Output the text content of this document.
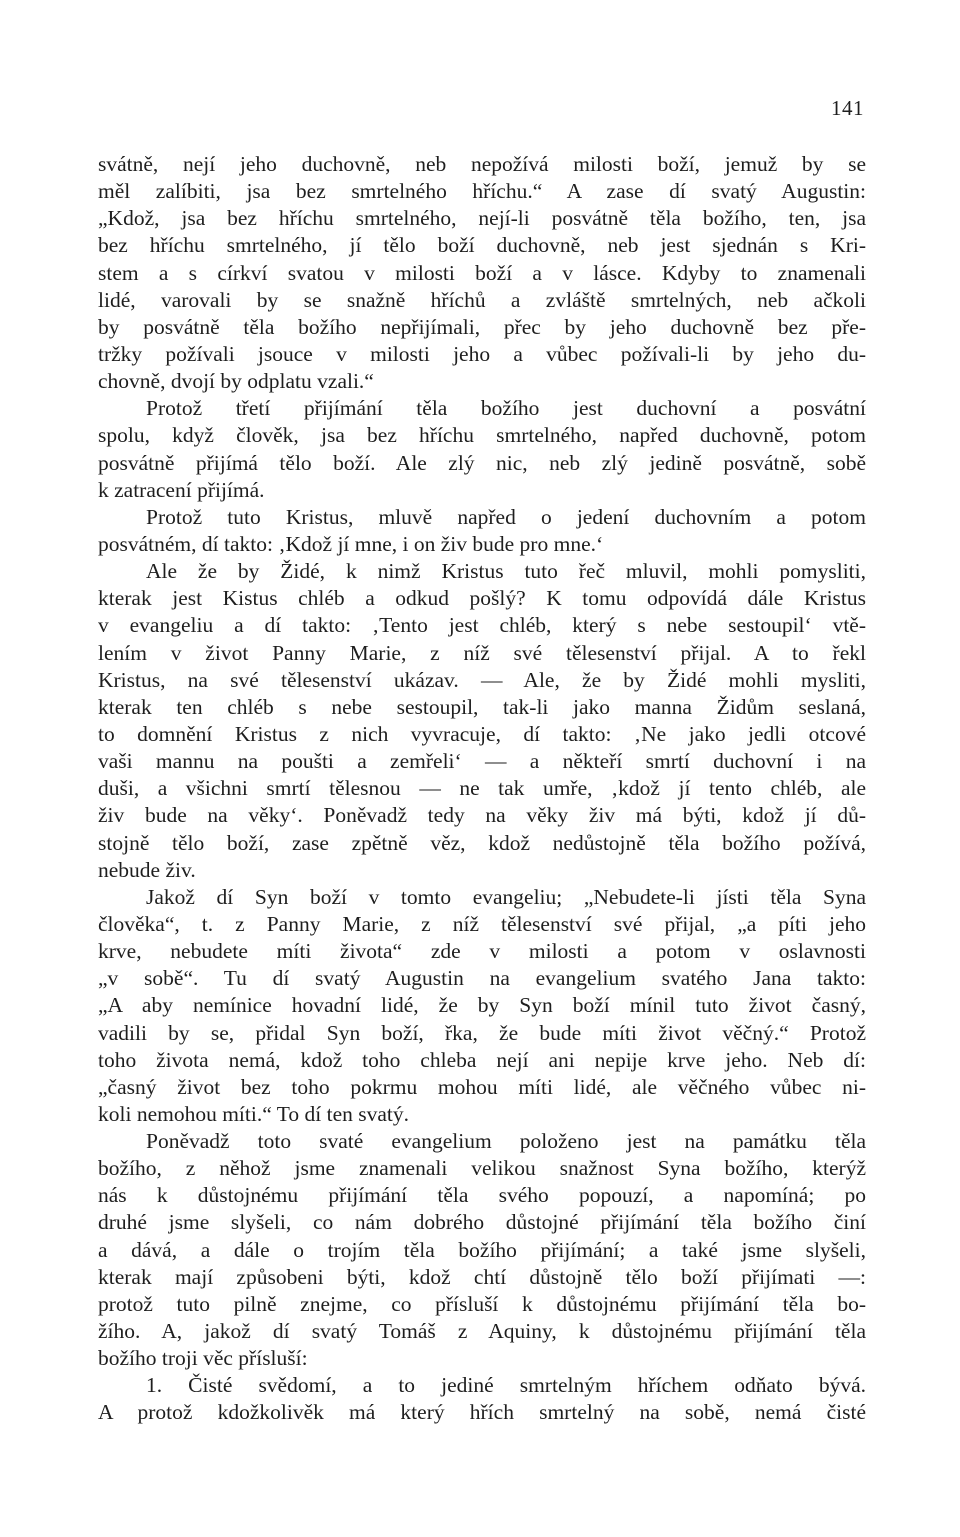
141
svátně, nejí jeho duchovně, neb nepožívá milosti boží, jemuž by se
měl zalíbiti, jsa bez smrtelného hříchu.“ A zase dí svatý Augustin:
„Kdož, jsa bez hříchu smrtelného, nejí-li posvátně těla božího, ten, jsa
bez hříchu smrtelného, jí tělo boží duchovně, neb jest sjednán s Kri-
stem a s církví svatou v milosti boží a v lásce. Kdyby to znamenali
lidé, varovali by se snažně hříchů a zvláště smrtelných, neb ačkoli
by posvátně těla božího nepřijímali, přec by jeho duchovně bez pře-
tržky požívali jsouce v milosti jeho a vůbec požívali-li by jeho du-
chovně, dvojí by odplatu vzali.“
Protož třetí přijímání těla božího jest duchovní a posvátní
spolu, když člověk, jsa bez hříchu smrtelného, napřed duchovně, potom
posvátně přijímá tělo boží. Ale zlý nic, neb zlý jedině posvátně, sobě
k zatracení přijímá.
Protož tuto Kristus, mluvě napřed o jedení duchovním a potom
posvátném, dí takto: ‚Kdož jí mne, i on živ bude pro mne.‘
Ale že by Židé, k nimž Kristus tuto řeč mluvil, mohli pomysliti,
kterak jest Kistus chléb a odkud pošlý? K tomu odpovídá dále Kristus
v evangeliu a dí takto: ‚Tento jest chléb, který s nebe sestoupil‘ vtě-
lením v život Panny Marie, z níž své tělesenství přijal. A to řekl
Kristus, na své tělesenství ukázav. — Ale, že by Židé mohli mysliti,
kterak ten chléb s nebe sestoupil, tak-li jako manna Židům seslaná,
to domnění Kristus z nich vyvracuje, dí takto: ‚Ne jako jedli otcové
vaši mannu na poušti a zemřeli‘ — a někteří smrtí duchovní i na
duši, a všichni smrtí tělesnou — ne tak umře, ‚kdož jí tento chléb, ale
živ bude na věky‘. Poněvadž tedy na věky živ má býti, kdož jí dů-
stojně tělo boží, zase zpětně věz, kdož nedůstojně těla božího požívá,
nebude živ.
Jakož dí Syn boží v tomto evangeliu; „Nebudete-li jísti těla Syna
člověka“, t. z Panny Marie, z níž tělesenství své přijal, „a píti jeho
krve, nebudete míti života“ zde v milosti a potom v oslavnosti
„v sobě“. Tu dí svatý Augustin na evangelium svatého Jana takto:
„A aby nemínice hovadní lidé, že by Syn boží mínil tuto život časný,
vadili by se, přidal Syn boží, řka, že bude míti život věčný.“ Protož
toho života nemá, kdož toho chleba nejí ani nepije krve jeho. Neb dí:
„časný život bez toho pokrmu mohou míti lidé, ale věčného vůbec ni-
koli nemohou míti.“ To dí ten svatý.
Poněvadž toto svaté evangelium položeno jest na památku těla
božího, z něhož jsme znamenali velikou snažnost Syna božího, kterýž
nás k důstojnému přijímání těla svého popouzí, a napomíná; po
druhé jsme slyšeli, co nám dobrého důstojné přijímání těla božího činí
a dává, a dále o trojím těla božího přijímání; a také jsme slyšeli,
kterak mají způsobeni býti, kdož chtí důstojně tělo boží přijímati —:
protož tuto pilně znejme, co přísluší k důstojnému přijímání těla bo-
žího. A, jakož dí svatý Tomáš z Aquiny, k důstojnému přijímání těla
božího troji věc přísluší:
1. Čisté svědomí, a to jediné smrtelným hříchem odňato bývá.
A protož kdožkolivěk má který hřích smrtelný na sobě, nemá čisté
